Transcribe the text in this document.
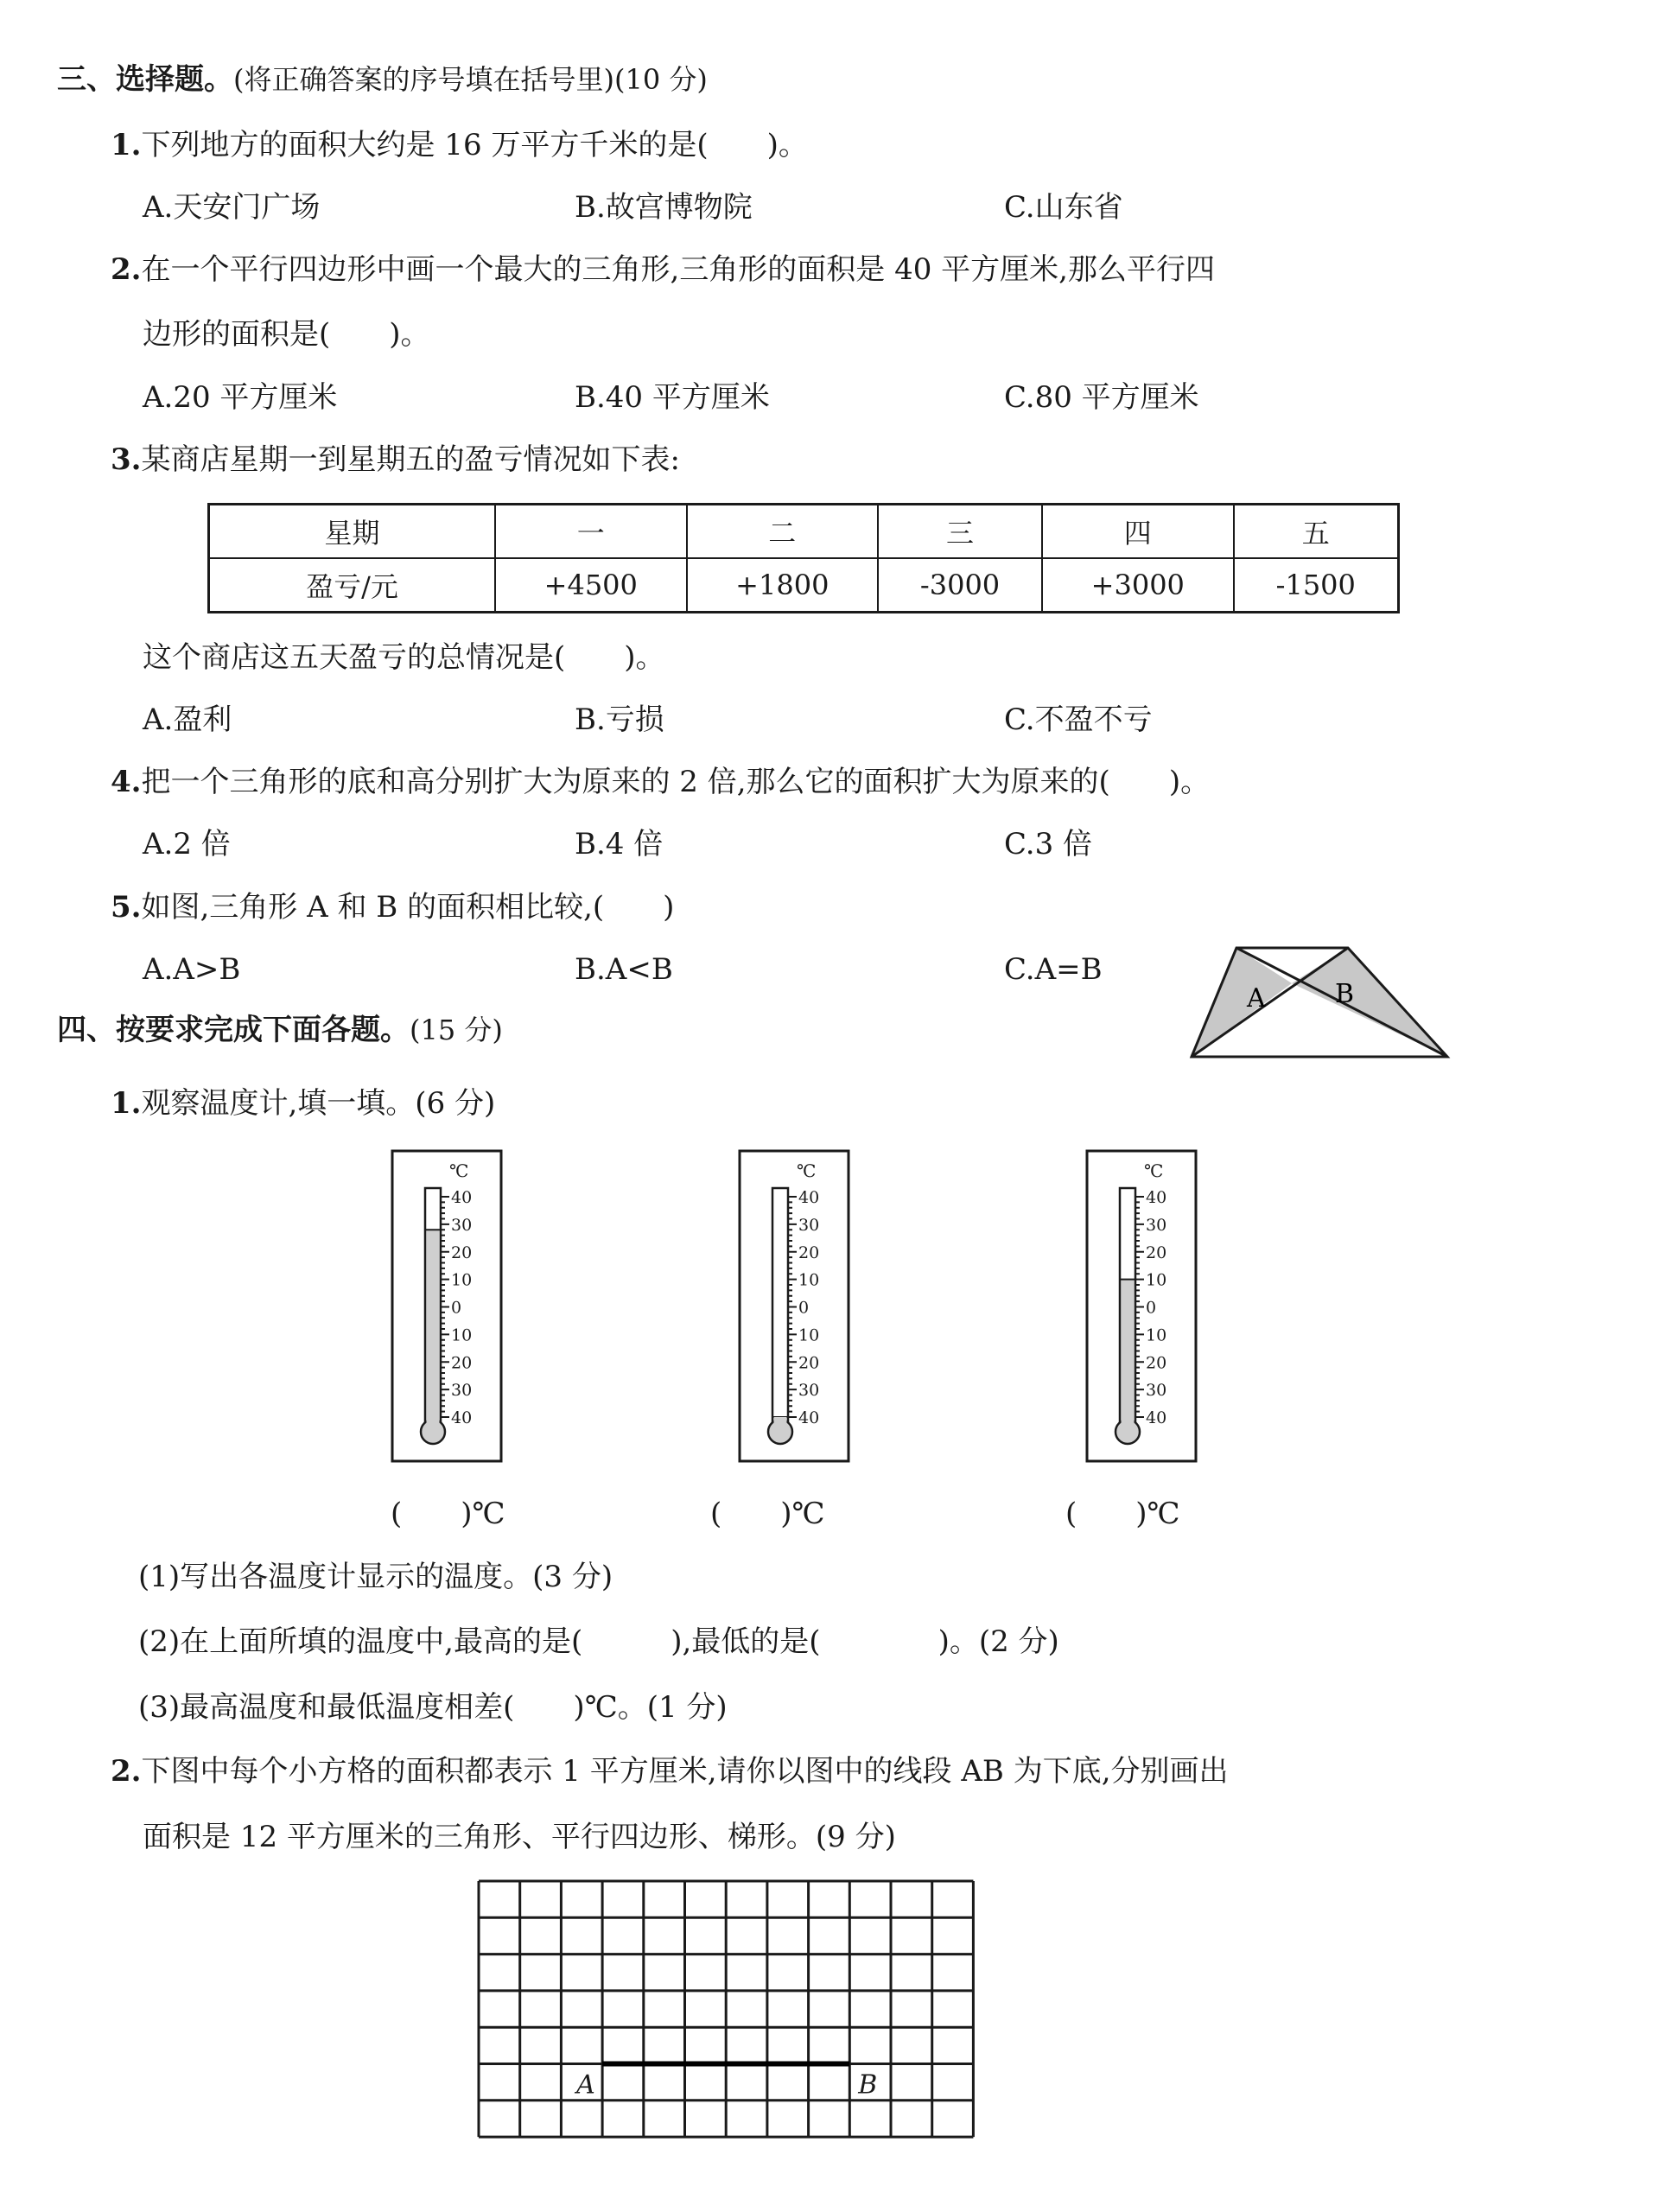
三、选择题。(将正确答案的序号填在括号里)(10 分)
1.下列地方的面积大约是 16 万平方千米的是(　　)。
A.天安门广场	B.故宫博物院	C.山东省
2.在一个平行四边形中画一个最大的三角形,三角形的面积是 40 平方厘米,那么平行四
边形的面积是(　　)。
A.20 平方厘米	B.40 平方厘米	C.80 平方厘米
3.某商店星期一到星期五的盈亏情况如下表:
星期	一	二	三	四	五
盈亏/元	+4500	+1800	-3000	+3000	-1500
这个商店这五天盈亏的总情况是(　　)。
A.盈利	B.亏损	C.不盈不亏
4.把一个三角形的底和高分别扩大为原来的 2 倍,那么它的面积扩大为原来的(　　)。
A.2 倍	B.4 倍	C.3 倍
5.如图,三角形 A 和 B 的面积相比较,(　　)
A.A>B	B.A<B	C.A=B
A	B
四、按要求完成下面各题。(15 分)
1.观察温度计,填一填。(6 分)
40
30
20
10
0
10
20
30
40
℃
40
30
20
10
0
10
20
30
40
℃
40
30
20
10
0
10
20
30
40
℃
(　　)℃	(　　)℃	(　　)℃
(1)写出各温度计显示的温度。(3 分)
(2)在上面所填的温度中,最高的是(　　　),最低的是(　　　　)。(2 分)
(3)最高温度和最低温度相差(　　)℃。(1 分)
2.下图中每个小方格的面积都表示 1 平方厘米,请你以图中的线段 AB 为下底,分别画出
面积是 12 平方厘米的三角形、平行四边形、梯形。(9 分)
A	B
